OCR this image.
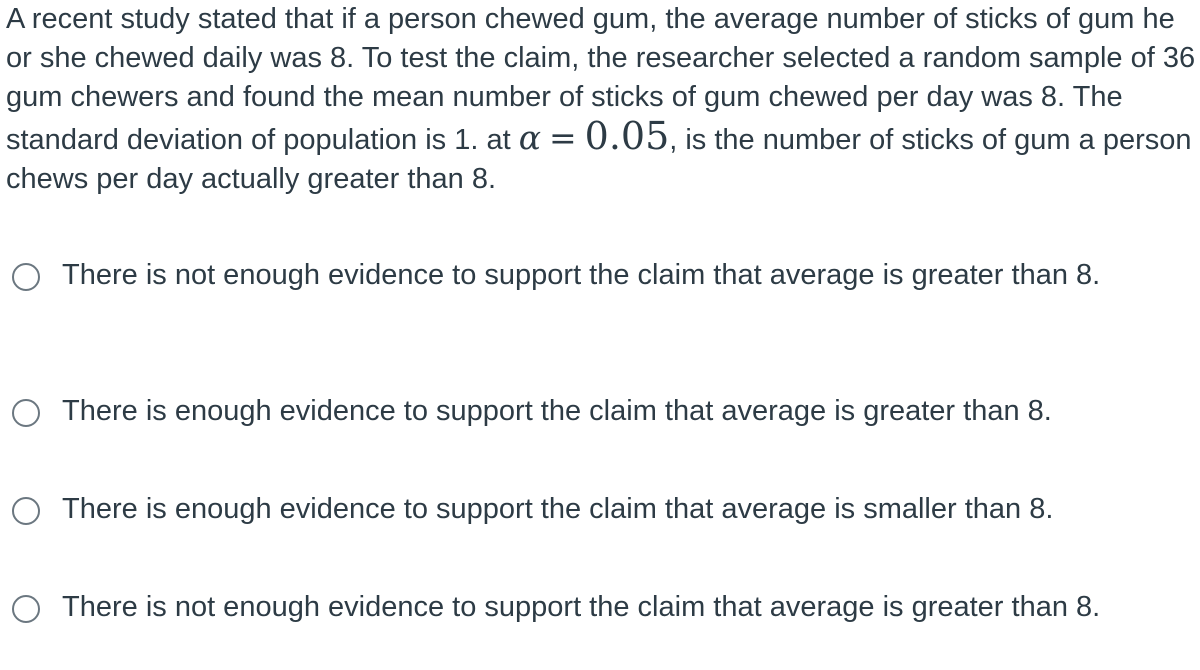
A recent study stated that if a person chewed gum, the average number of sticks of gum he or she chewed daily was 8. To test the claim, the researcher selected a random sample of 36 gum chewers and found the mean number of sticks of gum chewed per day was 8. The standard deviation of population is 1. at α = 0.05, is the number of sticks of gum a person chews per day actually greater than 8.
There is not enough evidence to support the claim that average is greater than 8.
There is enough evidence to support the claim that average is greater than 8.
There is enough evidence to support the claim that average is smaller than 8.
There is not enough evidence to support the claim that average is greater than 8.
